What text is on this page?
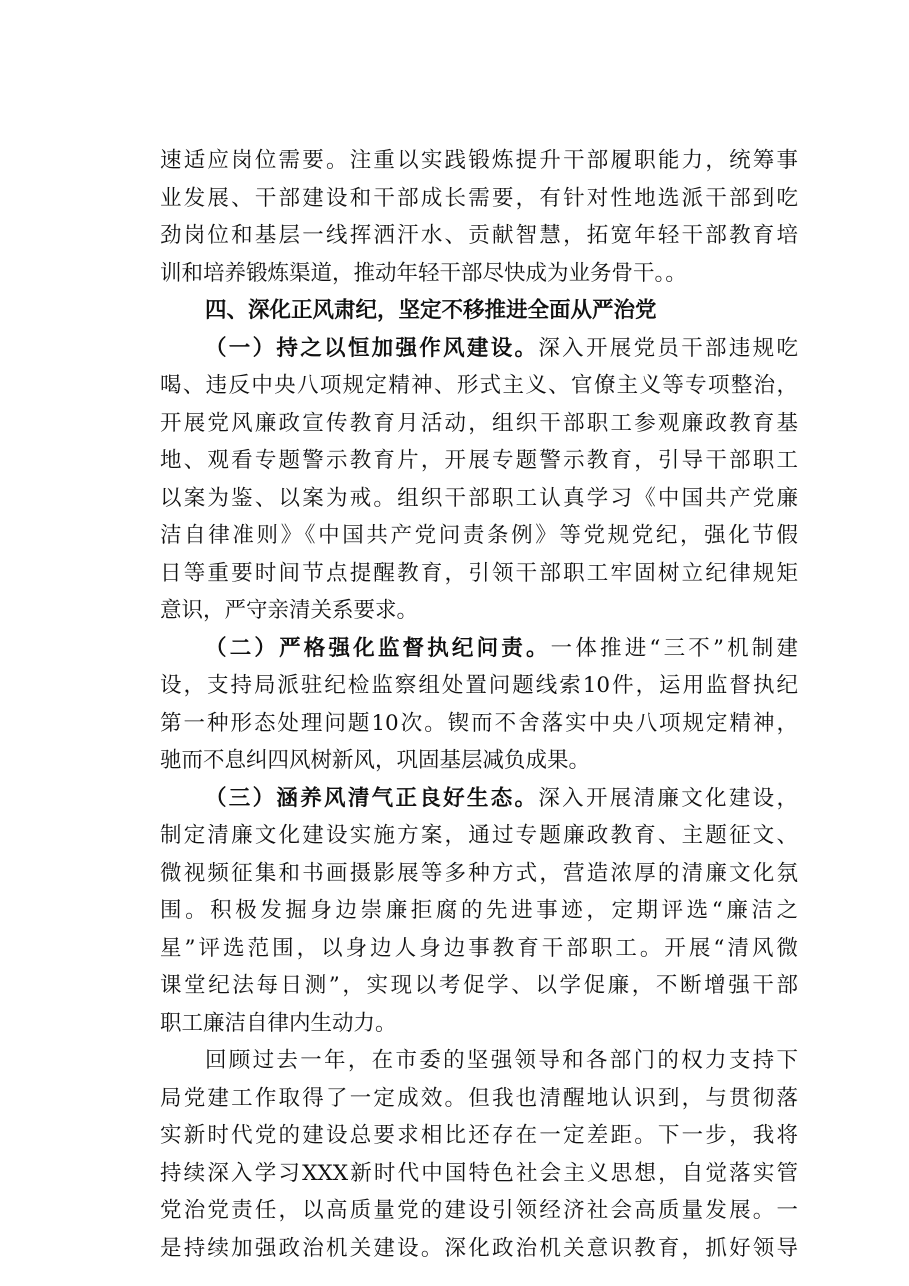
速适应岗位需要。注重以实践锻炼提升干部履职能力，统筹事
业发展、干部建设和干部成长需要，有针对性地选派干部到吃
劲岗位和基层一线挥洒汗水、贡献智慧，拓宽年轻干部教育培
训和培养锻炼渠道，推动年轻干部尽快成为业务骨干。。
四、深化正风肃纪，坚定不移推进全面从严治党
（一）持之以恒加强作风建设。深入开展党员干部违规吃
喝、违反中央八项规定精神、形式主义、官僚主义等专项整治，
开展党风廉政宣传教育月活动，组织干部职工参观廉政教育基
地、观看专题警示教育片，开展专题警示教育，引导干部职工
以案为鉴、以案为戒。组织干部职工认真学习《中国共产党廉
洁自律准则》《中国共产党问责条例》等党规党纪，强化节假
日等重要时间节点提醒教育，引领干部职工牢固树立纪律规矩
意识，严守亲清关系要求。
（二）严格强化监督执纪问责。一体推进“三不”机制建
设，支持局派驻纪检监察组处置问题线索10件，运用监督执纪
第一种形态处理问题10次。锲而不舍落实中央八项规定精神，
驰而不息纠四风树新风，巩固基层减负成果。
（三）涵养风清气正良好生态。深入开展清廉文化建设，
制定清廉文化建设实施方案，通过专题廉政教育、主题征文、
微视频征集和书画摄影展等多种方式，营造浓厚的清廉文化氛
围。积极发掘身边崇廉拒腐的先进事迹，定期评选“廉洁之
星”评选范围，以身边人身边事教育干部职工。开展“清风微
课堂纪法每日测”，实现以考促学、以学促廉，不断增强干部
职工廉洁自律内生动力。
回顾过去一年，在市委的坚强领导和各部门的权力支持下
局党建工作取得了一定成效。但我也清醒地认识到，与贯彻落
实新时代党的建设总要求相比还存在一定差距。下一步，我将
持续深入学习XXX新时代中国特色社会主义思想，自觉落实管
党治党责任，以高质量党的建设引领经济社会高质量发展。一
是持续加强政治机关建设。深化政治机关意识教育，抓好领导
